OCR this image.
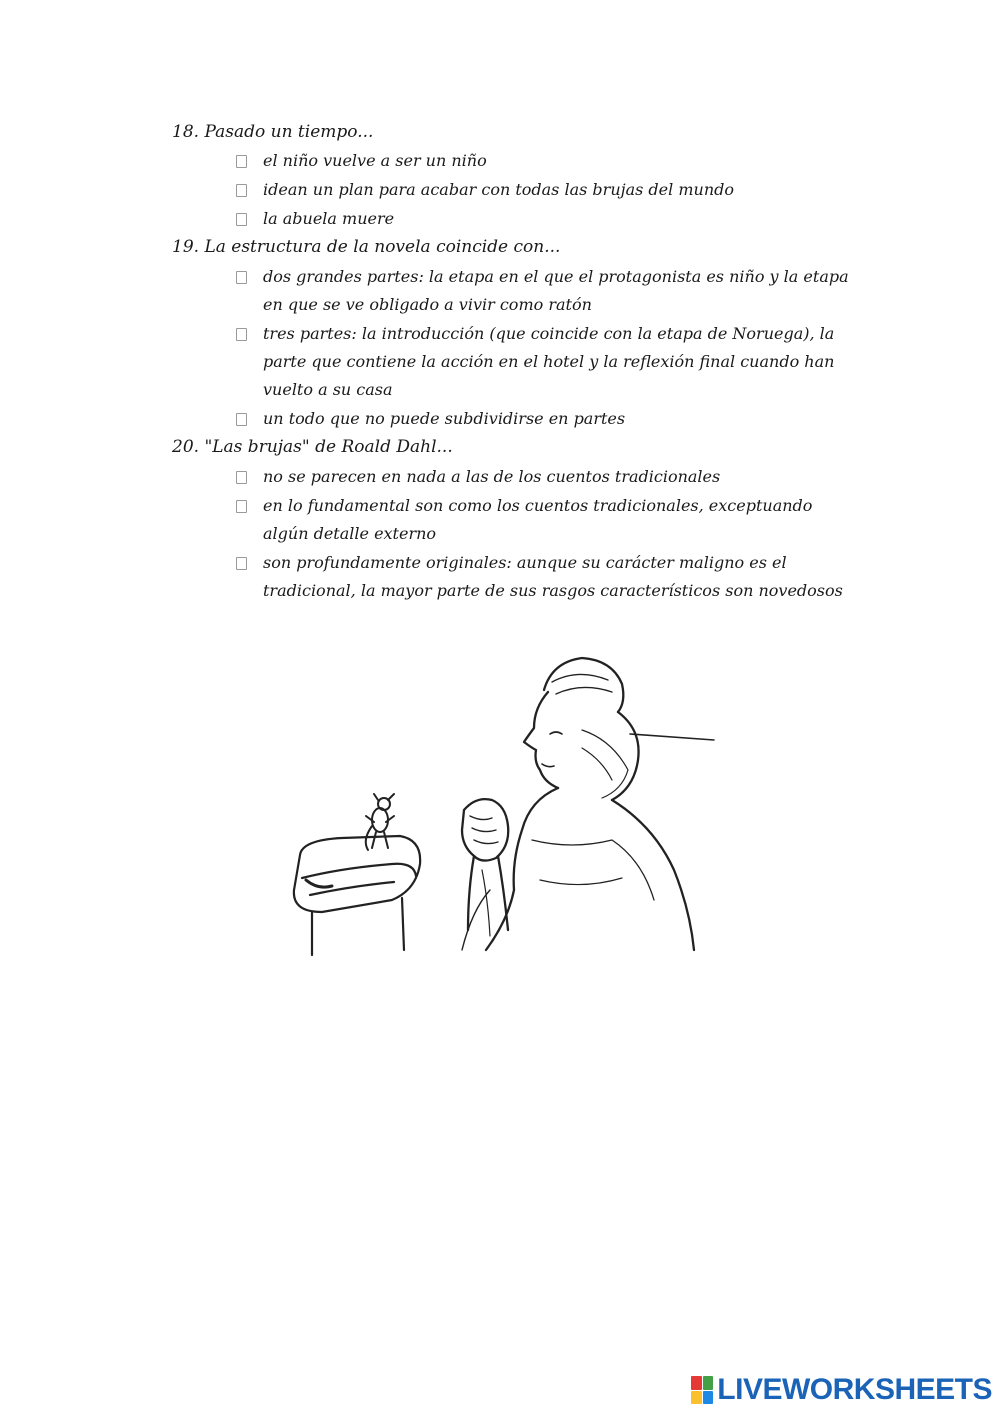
18. Pasado un tiempo...
el niño vuelve a ser un niño
idean un plan para acabar con todas las brujas del mundo
la abuela muere
19. La estructura de la novela coincide con...
dos grandes partes: la etapa en el que el protagonista es niño y la etapa en que se ve obligado a vivir como ratón
tres partes: la introducción (que coincide con la etapa de Noruega), la parte que contiene la acción en el hotel y la reflexión final cuando han vuelto a su casa
un todo que no puede subdividirse en partes
20. "Las brujas" de Roald Dahl...
no se parecen en nada a las de los cuentos tradicionales
en lo fundamental son como los cuentos tradicionales, exceptuando algún detalle externo
son profundamente originales: aunque su carácter maligno es el tradicional, la mayor parte de sus rasgos característicos son novedosos
LIVEWORKSHEETS
